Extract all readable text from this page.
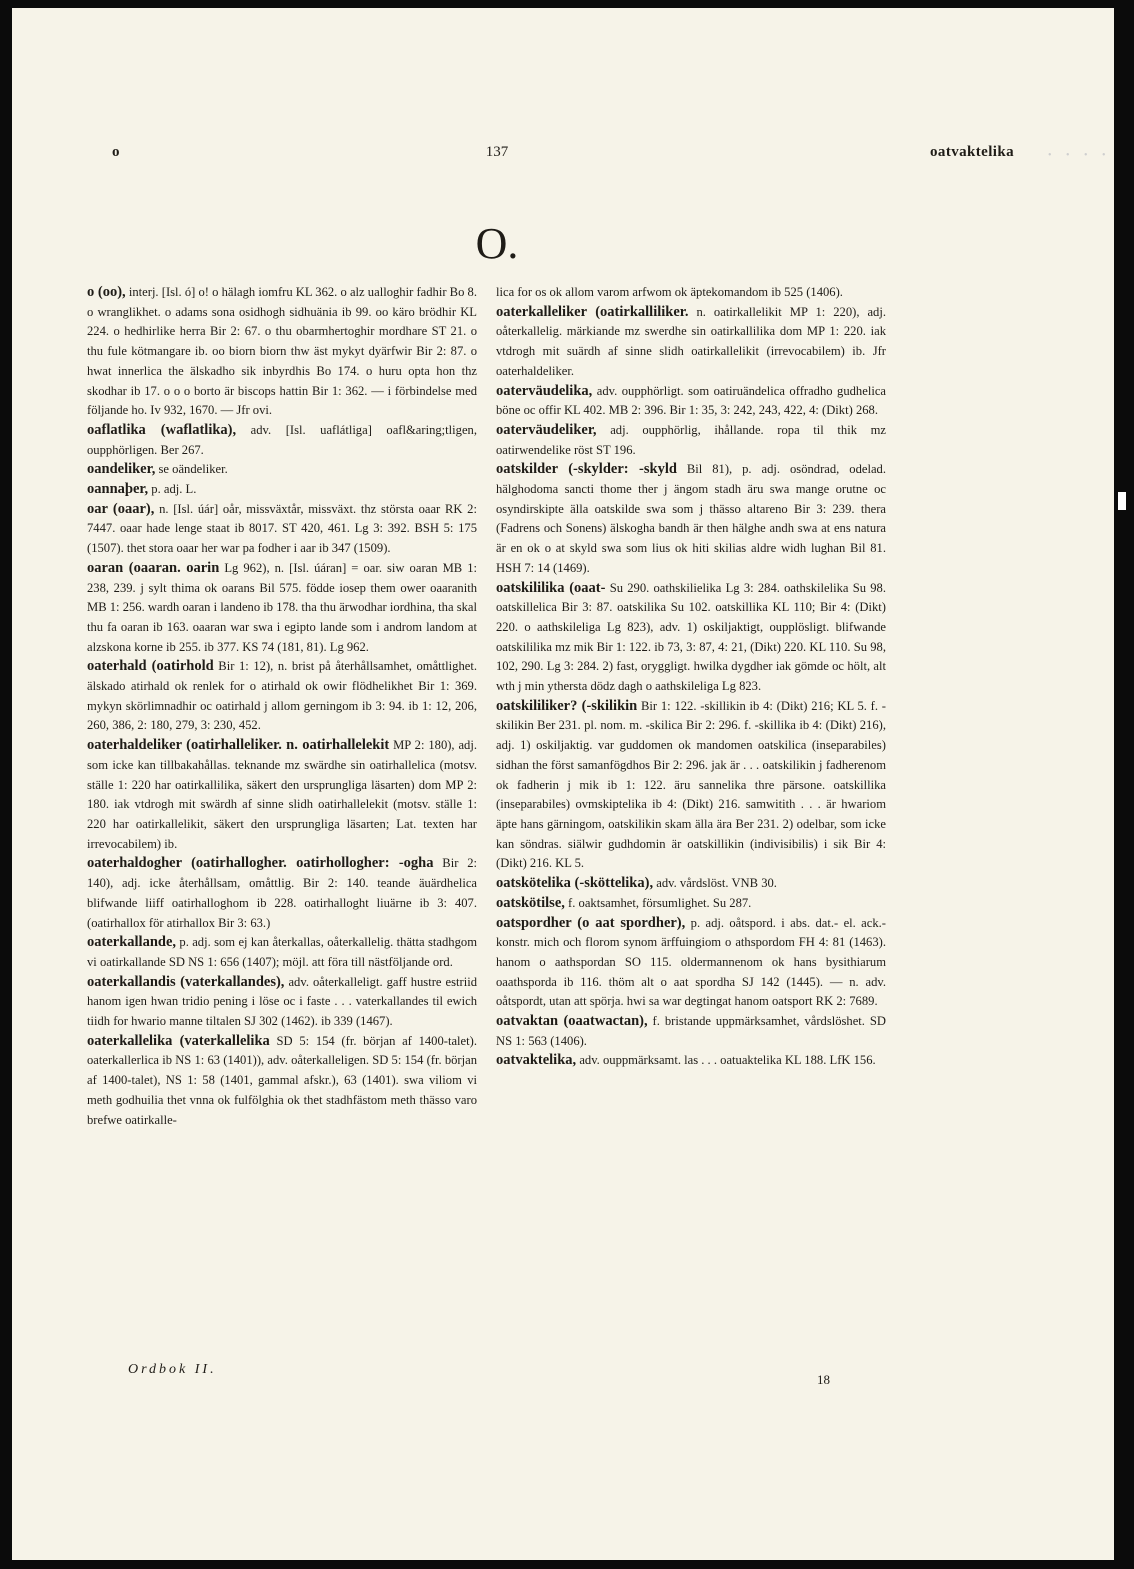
o	137	oatvaktelika
O.

o (oo), interj. [Isl. ó] o! o hälagh iomfru KL 362. o alz ualloghir fadhir Bo 8. o wranglikhet. o adams sona osidhogh sidhuänia ib 99. oo käro brödhir KL 224. o hedhirlike herra Bir 2: 67. o thu obarmhertoghir mordhare ST 21. o thu fule kötmangare ib. oo biorn biorn thw äst mykyt dyärfwir Bir 2: 87. o hwat innerlica the älskadho sik inbyrdhis Bo 174. o huru opta hon thz skodhar ib 17. o o o borto är biscops hattin Bir 1: 362. — i förbindelse med följande ho. Iv 932, 1670. — Jfr ovi.

oaflatlika (waflatlika), adv. [Isl. uaflátliga] oafl&aring;tligen, oupphörligen. Ber 267.

oandeliker, se oändeliker.

oannaþer, p. adj. L.

oar (oaar), n. [Isl. úár] oår, missväxtår, missväxt. thz största oaar RK 2: 7447. oaar hade lenge staat ib 8017. ST 420, 461. Lg 3: 392. BSH 5: 175 (1507). thet stora oaar her war pa fodher i aar ib 347 (1509).

oaran (oaaran. oarin Lg 962), n. [Isl. úáran] = oar. siw oaran MB 1: 238, 239. j sylt thima ok oarans Bil 575. födde iosep them ower oaaranith MB 1: 256. wardh oaran i landeno ib 178. tha thu ärwodhar iordhina, tha skal thu fa oaran ib 163. oaaran war swa i egipto lande som i androm landom at alzskona korne ib 255. ib 377. KS 74 (181, 81). Lg 962.

oaterhald (oatirhold Bir 1: 12), n. brist på återhållsamhet, omåttlighet. älskado atirhald ok renlek for o atirhald ok owir flödhelikhet Bir 1: 369. mykyn skörlimnadhir oc oatirhald j allom gerningom ib 3: 94. ib 1: 12, 206, 260, 386, 2: 180, 279, 3: 230, 452.

oaterhaldeliker (oatirhalleliker. n. oatirhallelekit MP 2: 180), adj. som icke kan tillbakahållas. teknande mz swärdhe sin oatirhallelica (motsv. ställe 1: 220 har oatirkallilika, säkert den ursprungliga läsarten) dom MP 2: 180. iak vtdrogh mit swärdh af sinne slidh oatirhallelekit (motsv. ställe 1: 220 har oatirkallelikit, säkert den ursprungliga läsarten; Lat. texten har irrevocabilem) ib.

oaterhaldogher (oatirhallogher. oatirhollogher: -ogha Bir 2: 140), adj. icke återhållsam, omåttlig. Bir 2: 140. teande äuärdhelica blifwande liiff oatirhalloghom ib 228. oatirhalloght liuärne ib 3: 407. (oatirhallox för atirhallox Bir 3: 63.)

oaterkallande, p. adj. som ej kan återkallas, oåterkallelig. thätta stadhgom vi oatirkallande SD NS 1: 656 (1407); möjl. att föra till nästföljande ord.

oaterkallandis (vaterkallandes), adv. oåterkalleligt. gaff hustre estriid hanom igen hwan tridio pening i löse oc i faste . . . vaterkallandes til ewich tiidh for hwario manne tiltalen SJ 302 (1462). ib 339 (1467).

oaterkallelika (vaterkallelika SD 5: 154 (fr. början af 1400-talet). oaterkallerlica ib NS 1: 63 (1401)), adv. oåterkalleligen. SD 5: 154 (fr. början af 1400-talet), NS 1: 58 (1401, gammal afskr.), 63 (1401). swa viliom vi meth godhuilia thet vnna ok fulfölghia ok thet stadhfästom meth thässo varo brefwe oatirkalle-

lica for os ok allom varom arfwom ok äptekomandom ib 525 (1406).

oaterkalleliker (oatirkalliliker. n. oatirkallelikit MP 1: 220), adj. oåterkallelig. märkiande mz swerdhe sin oatirkallilika dom MP 1: 220. iak vtdrogh mit suärdh af sinne slidh oatirkallelikit (irrevocabilem) ib. Jfr oaterhaldeliker.

oaterväudelika, adv. oupphörligt. som oatiruändelica offradho gudhelica böne oc offir KL 402. MB 2: 396. Bir 1: 35, 3: 242, 243, 422, 4: (Dikt) 268.

oaterväudeliker, adj. oupphörlig, ihållande. ropa til thik mz oatirwendelike röst ST 196.

oatskilder (-skylder: -skyld Bil 81), p. adj. osöndrad, odelad. hälghodoma sancti thome ther j ängom stadh äru swa mange orutne oc osyndirskipte älla oatskilde swa som j thässo altareno Bir 3: 239. thera (Fadrens och Sonens) älskogha bandh är then hälghe andh swa at ens natura är en ok o at skyld swa som lius ok hiti skilias aldre widh lughan Bil 81. HSH 7: 14 (1469).

oatskililika (oaat- Su 290. oathskilielika Lg 3: 284. oathskilelika Su 98. oatskillelica Bir 3: 87. oatskilika Su 102. oatskillika KL 110; Bir 4: (Dikt) 220. o aathskileliga Lg 823), adv. 1) oskiljaktigt, oupplösligt. blifwande oatskililika mz mik Bir 1: 122. ib 73, 3: 87, 4: 21, (Dikt) 220. KL 110. Su 98, 102, 290. Lg 3: 284. 2) fast, oryggligt. hwilka dygdher iak gömde oc hölt, alt wth j min ythersta dödz dagh o aathskileliga Lg 823.

oatskililiker? (-skilikin Bir 1: 122. -skillikin ib 4: (Dikt) 216; KL 5. f. -skilikin Ber 231. pl. nom. m. -skilica Bir 2: 296. f. -skillika ib 4: (Dikt) 216), adj. 1) oskiljaktig. var guddomen ok mandomen oatskilica (inseparabiles) sidhan the först samanfögdhos Bir 2: 296. jak är . . . oatskilikin j fadherenom ok fadherin j mik ib 1: 122. äru sannelika thre pärsone. oatskillika (inseparabiles) ovmskiptelika ib 4: (Dikt) 216. samwitith . . . är hwariom äpte hans gärningom, oatskilikin skam älla ära Ber 231. 2) odelbar, som icke kan söndras. siälwir gudhdomin är oatskillikin (indivisibilis) i sik Bir 4: (Dikt) 216. KL 5.

oatskötelika (-sköttelika), adv. vårdslöst. VNB 30.

oatskötilse, f. oaktsamhet, försumlighet. Su 287.

oatspordher (o aat spordher), p. adj. oåtspord. i abs. dat.- el. ack.-konstr. mich och florom synom ärffuingiom o athspordom FH 4: 81 (1463). hanom o aathspordan SO 115. oldermannenom ok hans bysithiarum oaathsporda ib 116. thöm alt o aat spordha SJ 142 (1445). — n. adv. oåtspordt, utan att spörja. hwi sa war degtingat hanom oatsport RK 2: 7689.

oatvaktan (oaatwactan), f. bristande uppmärksamhet, vårdslöshet. SD NS 1: 563 (1406).

oatvaktelika, adv. ouppmärksamt. las . . . oatuaktelika KL 188. LfK 156.

Ordbok II.
18
• • • •
